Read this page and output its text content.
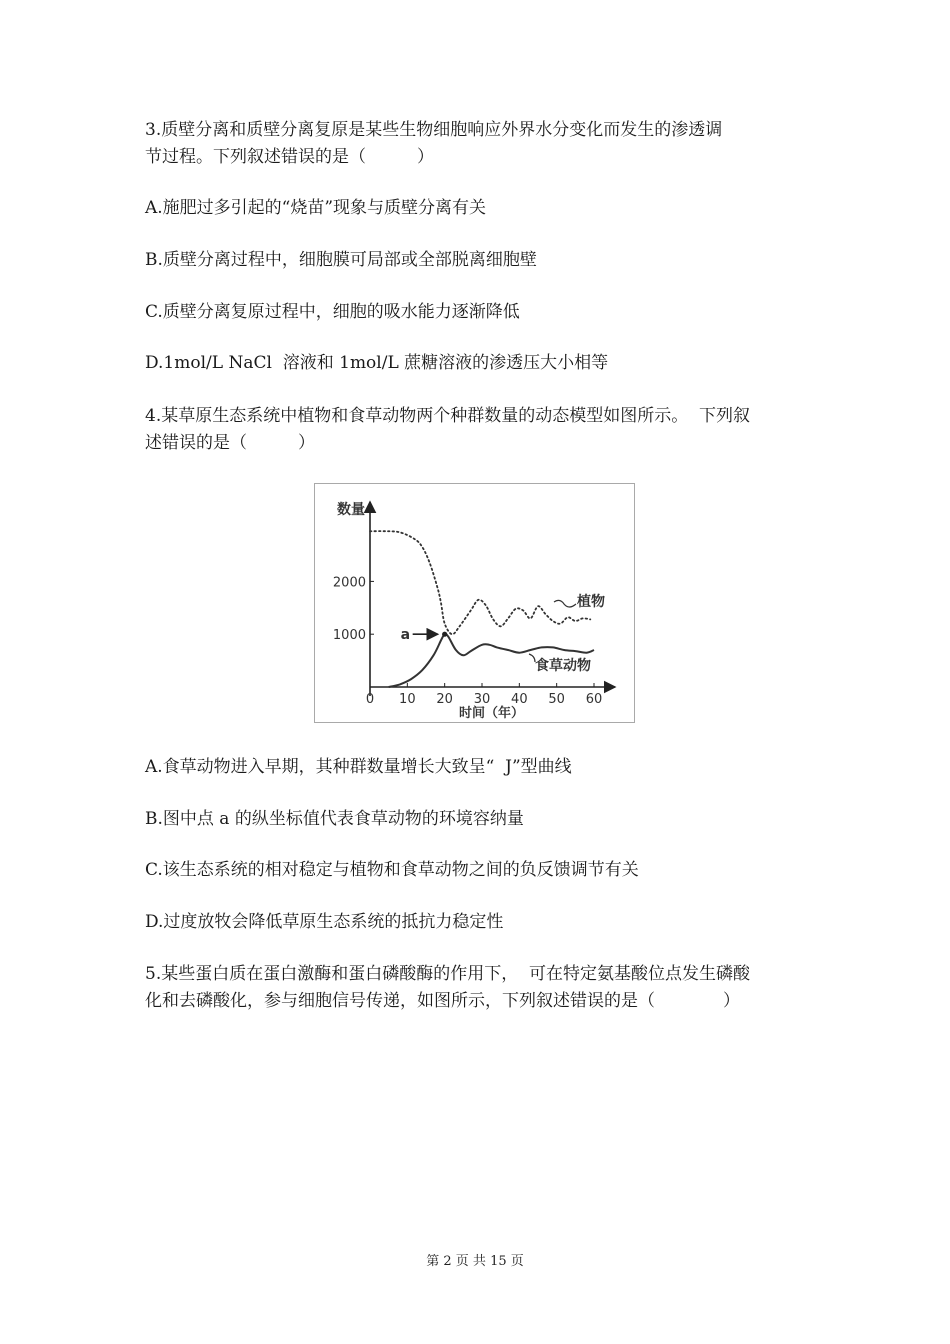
3.质壁分离和质壁分离复原是某些生物细胞响应外界水分变化而发生的渗透调
节过程。下列叙述错误的是（　　　）
A.施肥过多引起的“烧苗”现象与质壁分离有关
B.质壁分离过程中，细胞膜可局部或全部脱离细胞壁
C.质壁分离复原过程中，细胞的吸水能力逐渐降低
D.1mol/L NaCl  溶液和 1mol/L 蔗糖溶液的渗透压大小相等
4.某草原生态系统中植物和食草动物两个种群数量的动态模型如图所示。  下列叙
述错误的是（　　　）
数量
时间（年）
0 10 20 30 40 50 60
1000
2000
植物
食草动物
a
A.食草动物进入早期，其种群数量增长大致呈“  J”型曲线
B.图中点 a 的纵坐标值代表食草动物的环境容纳量
C.该生态系统的相对稳定与植物和食草动物之间的负反馈调节有关
D.过度放牧会降低草原生态系统的抵抗力稳定性
5.某些蛋白质在蛋白激酶和蛋白磷酸酶的作用下，  可在特定氨基酸位点发生磷酸
化和去磷酸化，参与细胞信号传递，如图所示，下列叙述错误的是（　　　　）
第 2 页 共 15 页
